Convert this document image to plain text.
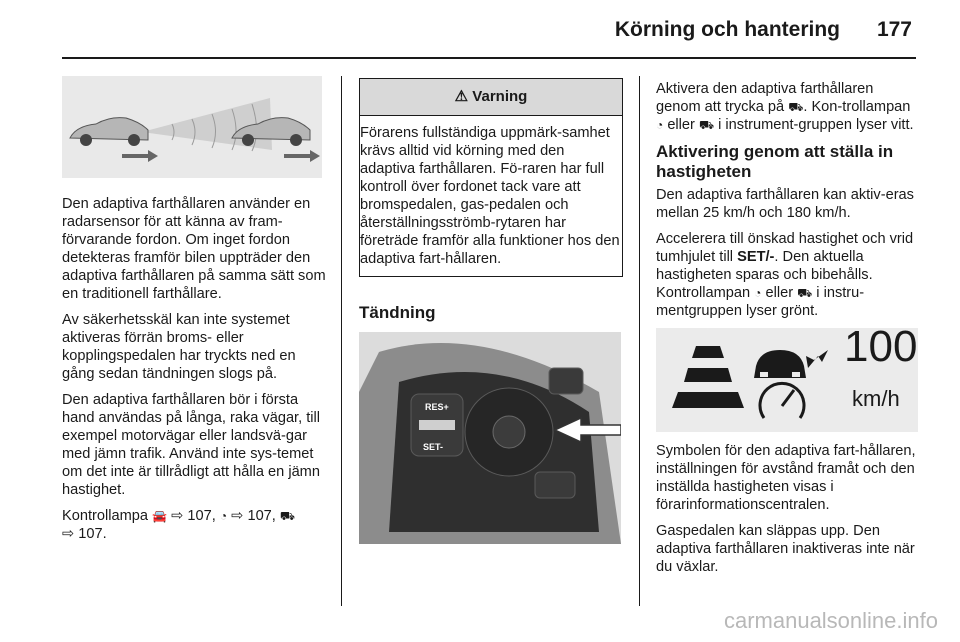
Körning och hantering 177

Den adaptiva farthållaren använder en radarsensor för att känna av fram-förvarande fordon. Om inget fordon detekteras framför bilen uppträder den adaptiva farthållaren på samma sätt som en traditionell farthållare.

Av säkerhetsskäl kan inte systemet aktiveras förrän broms- eller kopplingspedalen har tryckts ned en gång sedan tändningen slogs på.

Den adaptiva farthållaren bör i första hand användas på långa, raka vägar, till exempel motorvägar eller landsvä-gar med jämn trafik. Använd inte sys-temet om det inte är tillrådligt att hålla en jämn hastighet.

Kontrollampa 🚘 ⇨ 107, ◔ ⇨ 107, ⛟
⇨ 107.

⚠ Varning
Förarens fullständiga uppmärk-samhet krävs alltid vid körning med den adaptiva farthållaren. Fö-raren har full kontroll över fordonet tack vare att bromspedalen, gas-pedalen och återställningsströmb-rytaren har företräde framför alla funktioner hos den adaptiva fart-hållaren.
Tändning
RES+
SET-

Aktivera den adaptiva farthållaren genom att trycka på ⛟. Kon-trollampan ◔ eller ⛟ i instrument-gruppen lyser vitt.

Aktivering genom att ställa in hastigheten

Den adaptiva farthållaren kan aktiv-eras mellan 25 km/h och 180 km/h.

Accelerera till önskad hastighet och vrid tumhjulet till SET/-. Den aktuella hastigheten sparas och bibehålls. Kontrollampan ◔ eller ⛟ i instru-mentgruppen lyser grönt.

100
km/h

Symbolen för den adaptiva fart-hållaren, inställningen för avstånd framåt och den inställda hastigheten visas i förarinformationscentralen.

Gaspedalen kan släppas upp. Den adaptiva farthållaren inaktiveras inte när du växlar.

carmanualsonline.info
